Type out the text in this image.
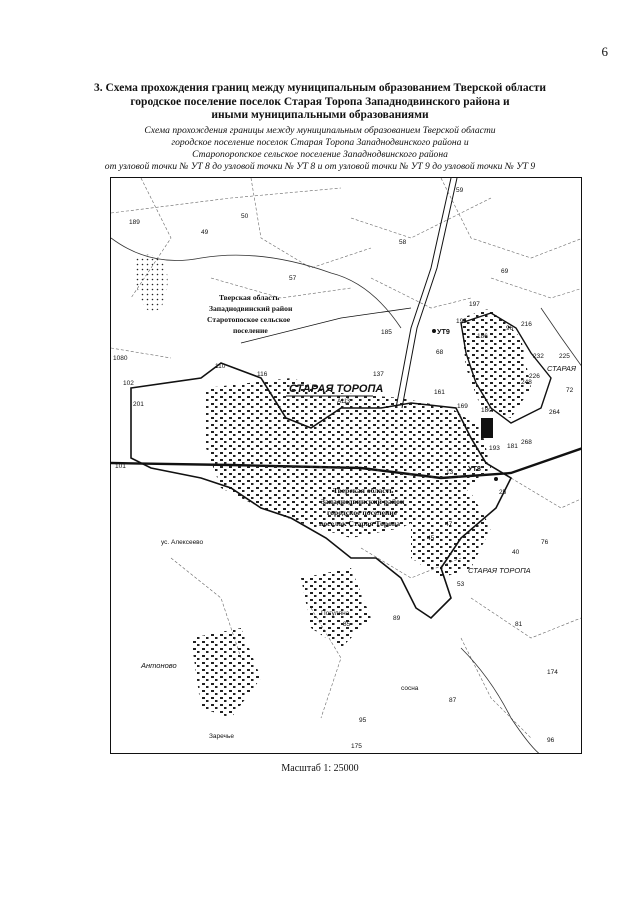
6
3. Схема прохождения границ между муниципальным образованием Тверской области
городское поселение поселок Старая Торопа Западнодвинского района и
иными муниципальными образованиями
Схема прохождения границы между муниципальным образованием Тверской области
городское поселение поселок Старая Торопа Западнодвинского района и
Старопоропское сельское поселение Западнодвинского района
от узловой точки № УТ 8 до узловой точки № УТ 8 и от узловой точки № УТ 9 до узловой точки № УТ 9
СТАРАЯ ТОРОПА
СТАРАЯ ТОРОПА
СТАРАЯ
Антоново
Заречье
Погуляна
ус. Алексеево
АЦЗ
сосна
Тверская область
Западнодвинский район
Старотопоское сельское
поселение
Тверская область
Западнодвинский район
городское поселение
поселок Старая Торопа
УТ9
УТ8
189
50
49
59
58
57
69
197
195	216
185
68
225
1080
110
116	137
102
161	72
201
180
169
264
268
181
193
101
13
25
47
45
76
40
53
85	81
89
174
87
95
96
175
248
226
232
186
96
Масштаб 1: 25000
